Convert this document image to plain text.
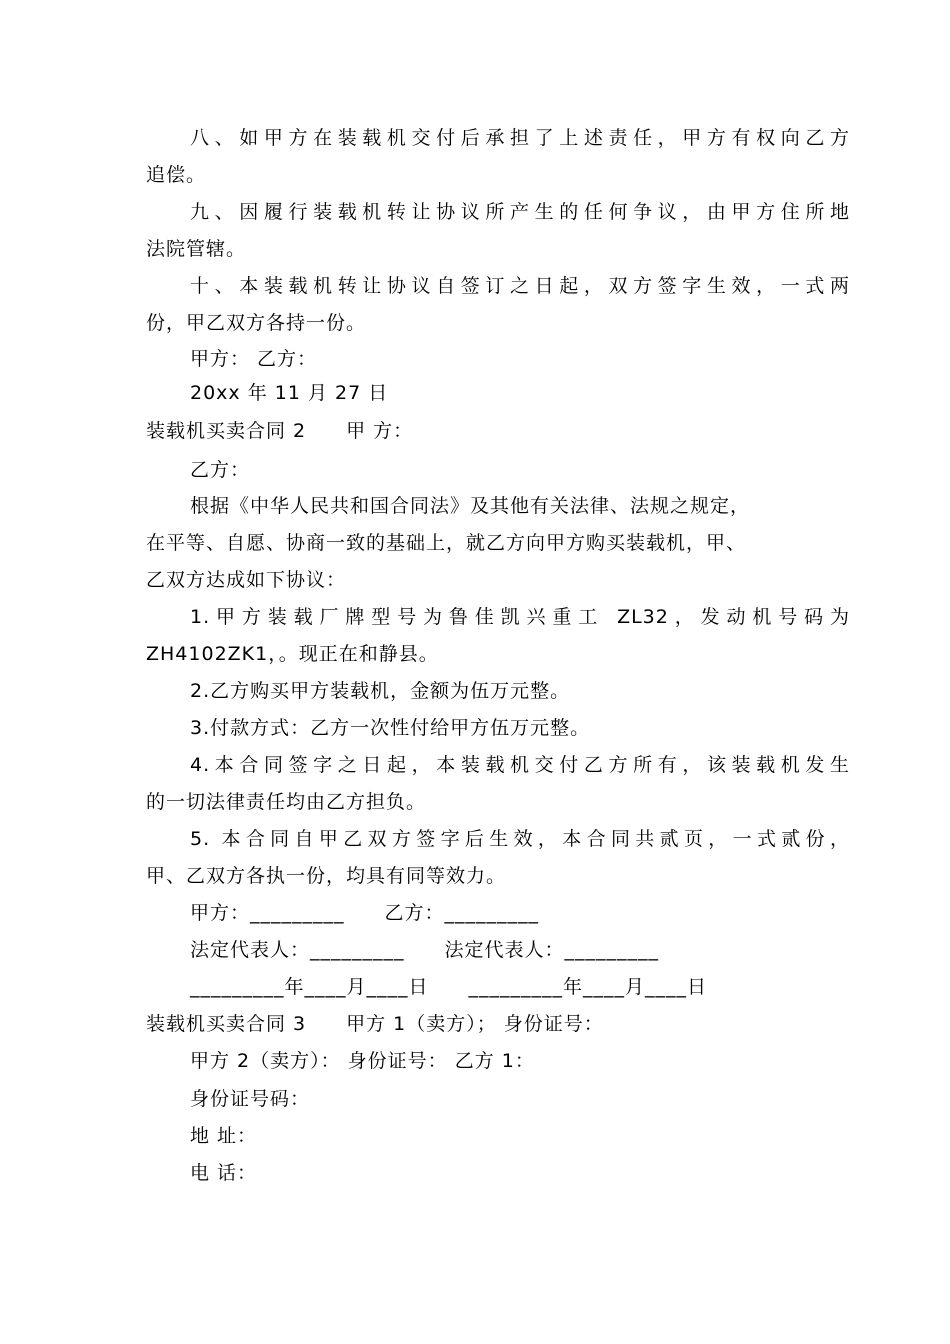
八、如甲方在装载机交付后承担了上述责任，甲方有权向乙方
追偿。
九、因履行装载机转让协议所产生的任何争议，由甲方住所地
法院管辖。
十、本装载机转让协议自签订之日起，双方签字生效，一式两
份，甲乙双方各持一份。
甲方： 乙方：
20xx 年 11 月 27 日
装载机买卖合同 2 甲 方：
乙方：
根据《中华人民共和国合同法》及其他有关法律、法规之规定，
在平等、自愿、协商一致的基础上，就乙方向甲方购买装载机，甲、
乙双方达成如下协议：
1.甲方装载厂牌型号为鲁佳凯兴重工 ZL32，发动机号码为
ZH4102ZK1，。现正在和静县。
2.乙方购买甲方装载机，金额为伍万元整。
3.付款方式：乙方一次性付给甲方伍万元整。
4.本合同签字之日起，本装载机交付乙方所有，该装载机发生
的一切法律责任均由乙方担负。
5. 本合同自甲乙双方签字后生效，本合同共贰页，一式贰份，
甲、乙双方各执一份，均具有同等效力。
甲方：_________ 乙方：_________
法定代表人：_________ 法定代表人：_________
_________年____月____日 _________年____月____日
装载机买卖合同 3 甲方 1（卖方）； 身份证号：
甲方 2（卖方）： 身份证号： 乙方 1：
身份证号码：
地 址：
电 话：
